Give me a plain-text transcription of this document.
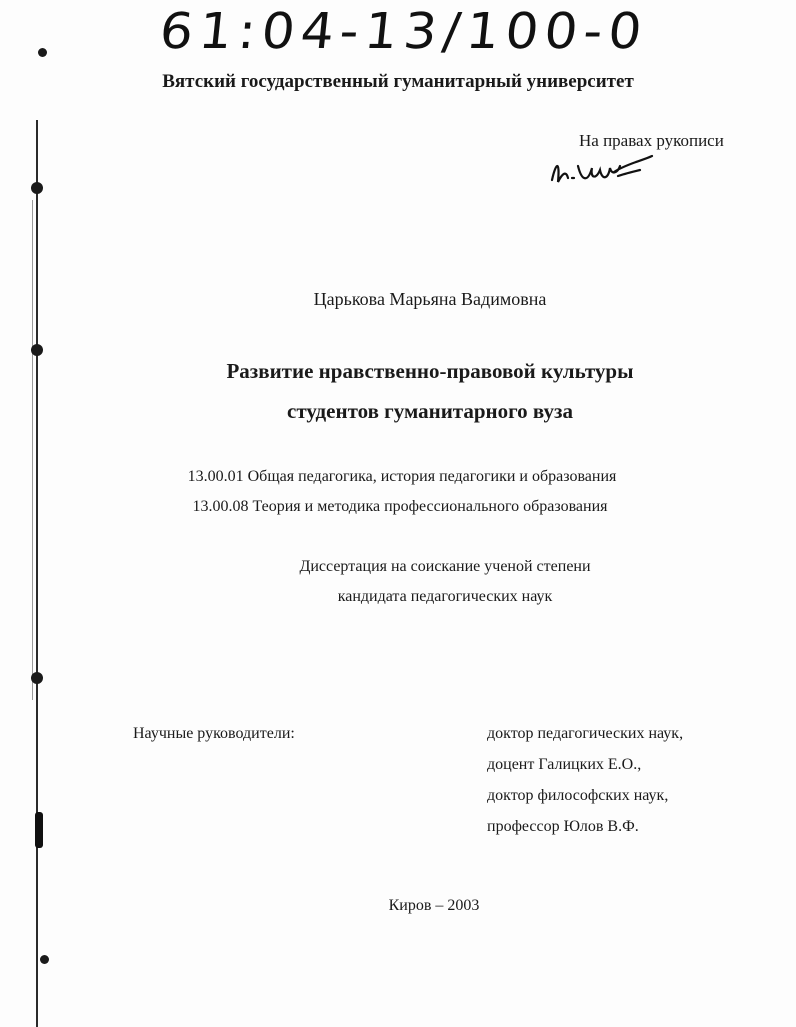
61:04-13/100-0
Вятский государственный гуманитарный университет
На правах рукописи
Царькова Марьяна Вадимовна
Развитие нравственно-правовой культуры
студентов гуманитарного вуза
13.00.01 Общая педагогика, история педагогики и образования
13.00.08 Теория и методика профессионального образования
Диссертация на соискание ученой степени
кандидата педагогических наук
Научные руководители:	доктор педагогических наук,
доцент Галицких Е.О.,
доктор философских наук,
профессор Юлов В.Ф.
Киров – 2003
